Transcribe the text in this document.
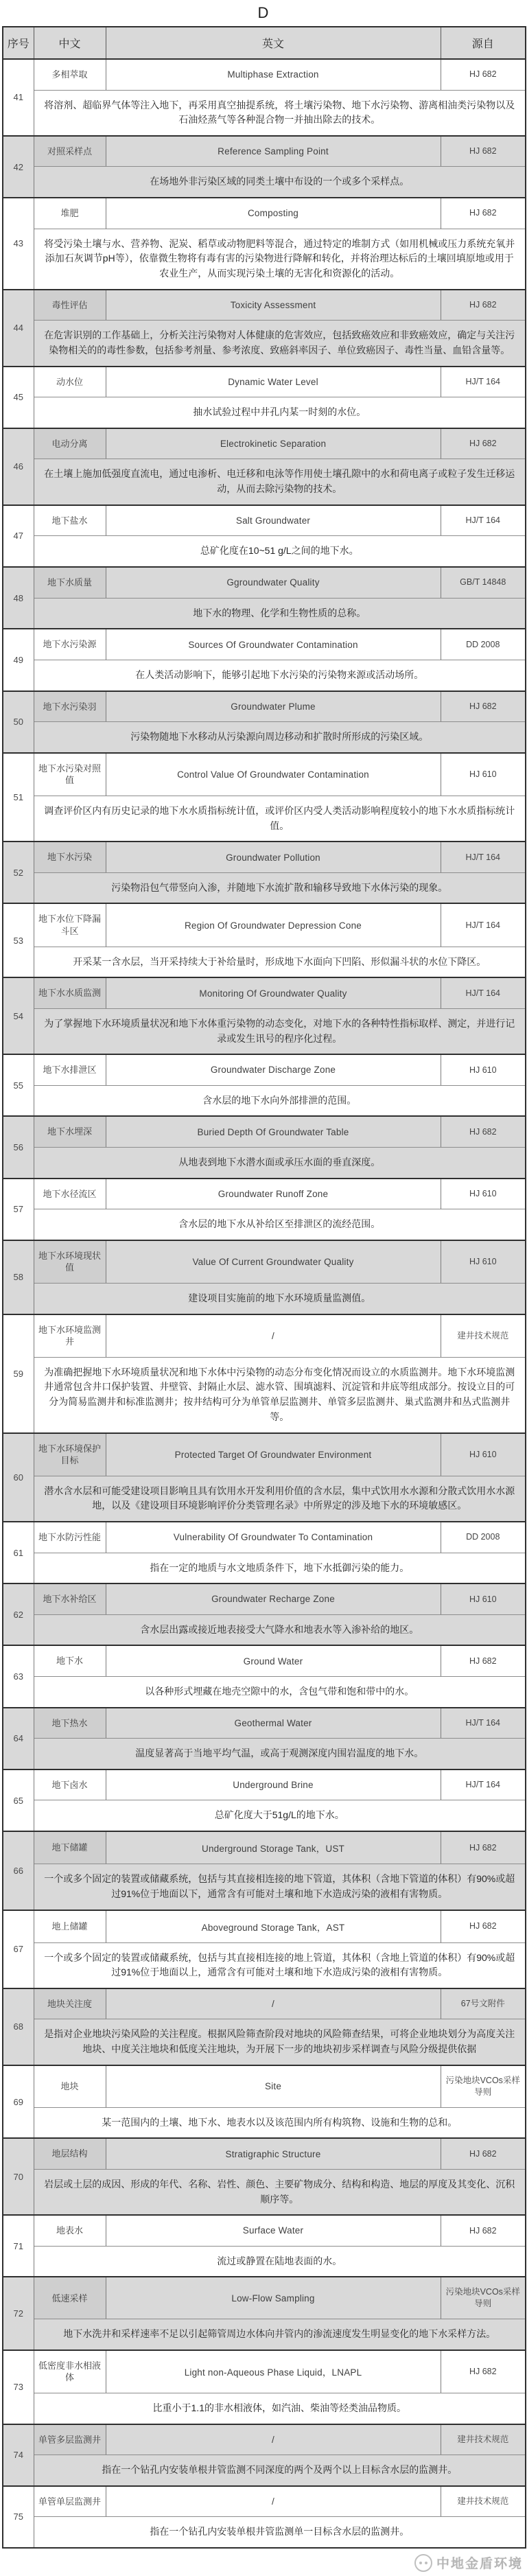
D
序号	中文	英文	源自
41	多相萃取	Multiphase Extraction	HJ 682
	将溶剂、超临界气体等注入地下，再采用真空抽提系统，将土壤污染物、地下水污染物、游离相油类污染物以及石油烃蒸气等各种混合物一并抽出除去的技术。		
42	对照采样点	Reference Sampling Point	HJ 682
	在场地外非污染区域的同类土壤中布设的一个或多个采样点。		
43	堆肥	Composting	HJ 682
	将受污染土壤与水、营养物、泥炭、稻草或动物肥料等混合，通过特定的堆制方式（如用机械或压力系统充氧并添加石灰调节pH等），依靠微生物将有毒有害的污染物进行降解和转化，并将治理达标后的土壤回填原地或用于农业生产，从而实现污染土壤的无害化和资源化的活动。		
44	毒性评估	Toxicity Assessment	HJ 682
	在危害识别的工作基础上，分析关注污染物对人体健康的危害效应，包括致癌效应和非致癌效应，确定与关注污染物相关的的毒性参数，包括参考剂量、参考浓度、致癌斜率因子、单位致癌因子、毒性当量、血铅含量等。		
45	动水位	Dynamic Water Level	HJ/T 164
	抽水试验过程中井孔内某一时刻的水位。		
46	电动分离	Electrokinetic Separation	HJ 682
	在土壤上施加低强度直流电，通过电渗析、电迁移和电泳等作用使土壤孔隙中的水和荷电离子或粒子发生迁移运动，从而去除污染物的技术。		
47	地下盐水	Salt Groundwater	HJ/T 164
	总矿化度在10~51 g/L之间的地下水。		
48	地下水质量	Ggroundwater Quality	GB/T 14848
	地下水的物理、化学和生物性质的总称。		
49	地下水污染源	Sources Of Groundwater Contamination	DD 2008
	在人类活动影响下，能够引起地下水污染的污染物来源或活动场所。		
50	地下水污染羽	Groundwater Plume	HJ 682
	污染物随地下水移动从污染源向周边移动和扩散时所形成的污染区域。		
51	地下水污染对照值	Control Value Of Groundwater Contamination	HJ 610
	调查评价区内有历史记录的地下水水质指标统计值，或评价区内受人类活动影响程度较小的地下水水质指标统计值。		
52	地下水污染	Groundwater Pollution	HJ/T 164
	污染物沿包气带竖向入渗，并随地下水流扩散和输移导致地下水体污染的现象。		
53	地下水位下降漏斗区	Region Of Groundwater Depression Cone	HJ/T 164
	开采某一含水层，当开采持续大于补给量时，形成地下水面向下凹陷、形似漏斗状的水位下降区。		
54	地下水水质监测	Monitoring Of Groundwater Quality	HJ/T 164
	为了掌握地下水环境质量状况和地下水体重污染物的动态变化，对地下水的各种特性指标取样、测定，并进行记录或发生讯号的程序化过程。		
55	地下水排泄区	Groundwater Discharge Zone	HJ 610
	含水层的地下水向外部排泄的范围。		
56	地下水埋深	Buried Depth Of Groundwater Table	HJ 682
	从地表到地下水潜水面或承压水面的垂直深度。		
57	地下水径流区	Groundwater Runoff Zone	HJ 610
	含水层的地下水从补给区至排泄区的流经范围。		
58	地下水环境现状值	Value Of Current Groundwater Quality	HJ 610
	建设项目实施前的地下水环境质量监测值。		
59	地下水环境监测井	/	建井技术规范
	为准确把握地下水环境质量状况和地下水体中污染物的动态分布变化情况而设立的水质监测井。地下水环境监测井通常包含井口保护装置、井壁管、封隔止水层、滤水管、围填滤料、沉淀管和井底等组成部分。按设立目的可分为简易监测井和标准监测井；按井结构可分为单管单层监测井、单管多层监测井、巢式监测井和丛式监测井等。		
60	地下水环境保护目标	Protected Target Of Groundwater Environment	HJ 610
	潜水含水层和可能受建设项目影响且具有饮用水开发利用价值的含水层，集中式饮用水水源和分散式饮用水水源地，以及《建设项目环境影响评价分类管理名录》中所界定的涉及地下水的环境敏感区。		
61	地下水防污性能	Vulnerability Of Groundwater To Contamination	DD 2008
	指在一定的地质与水文地质条件下，地下水抵御污染的能力。		
62	地下水补给区	Groundwater Recharge Zone	HJ 610
	含水层出露或接近地表接受大气降水和地表水等入渗补给的地区。		
63	地下水	Ground Water	HJ 682
	以各种形式埋藏在地壳空隙中的水，含包气带和饱和带中的水。		
64	地下热水	Geothermal Water	HJ/T 164
	温度显著高于当地平均气温，或高于观测深度内围岩温度的地下水。		
65	地下卤水	Underground Brine	HJ/T 164
	总矿化度大于51g/L的地下水。		
66	地下储罐	Underground Storage Tank，UST	HJ 682
	一个或多个固定的装置或储藏系统，包括与其直接相连接的地下管道，其体积（含地下管道的体积）有90%或超过91%位于地面以下，通常含有可能对土壤和地下水造成污染的液相有害物质。		
67	地上储罐	Aboveground Storage Tank，AST	HJ 682
	一个或多个固定的装置或储藏系统，包括与其直接相连接的地上管道，其体积（含地上管道的体积）有90%或超过91%位于地面以上，通常含有可能对土壤和地下水造成污染的液相有害物质。		
68	地块关注度	/	67号文附件
	是指对企业地块污染风险的关注程度。根据风险筛查阶段对地块的风险筛查结果，可将企业地块划分为高度关注地块、中度关注地块和低度关注地块，为开展下一步的地块初步采样调查与风险分级提供依据		
69	地块	Site	污染地块VCOs采样导则
	某一范围内的土壤、地下水、地表水以及该范围内所有构筑物、设施和生物的总和。		
70	地层结构	Stratigraphic Structure	HJ 682
	岩层或土层的成因、形成的年代、名称、岩性、颜色、主要矿物成分、结构和构造、地层的厚度及其变化、沉积顺序等。		
71	地表水	Surface Water	HJ 682
	流过或静置在陆地表面的水。		
72	低速采样	Low-Flow Sampling	污染地块VCOs采样导则
	地下水洗井和采样速率不足以引起筛管周边水体向井管内的渗流速度发生明显变化的地下水采样方法。		
73	低密度非水相液体	Light non-Aqueous Phase Liquid，LNAPL	HJ 682
	比重小于1.1的非水相液体，如汽油、柴油等烃类油品物质。		
74	单管多层监测井	/	建井技术规范
	指在一个钻孔内安装单根井管监测不同深度的两个及两个以上目标含水层的监测井。		
75	单管单层监测井	/	建井技术规范
	指在一个钻孔内安装单根井管监测单一目标含水层的监测井。		
中地金盾环境
